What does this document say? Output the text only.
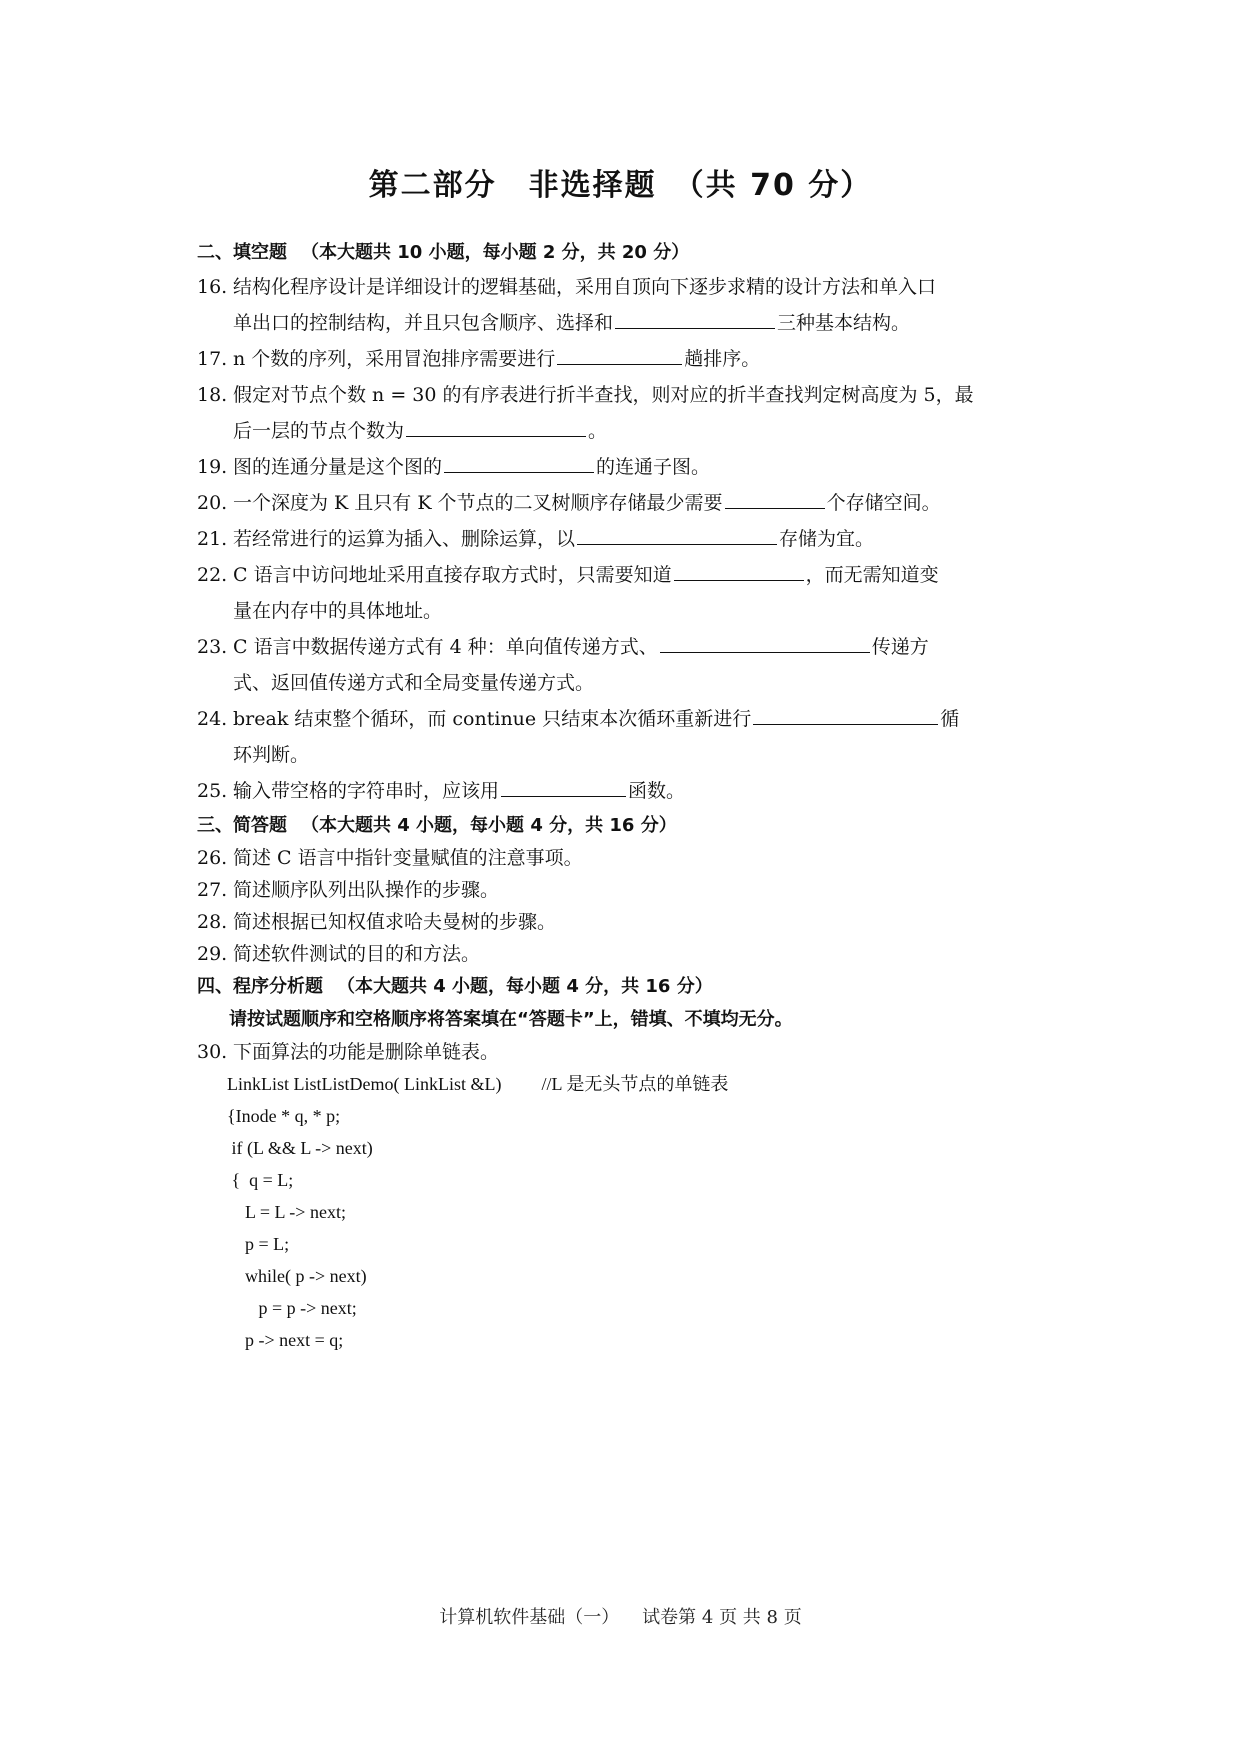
第二部分　非选择题　（共 70 分）
二、填空题 （本大题共 10 小题，每小题 2 分，共 20 分）
16. 结构化程序设计是详细设计的逻辑基础，采用自顶向下逐步求精的设计方法和单入口
单出口的控制结构，并且只包含顺序、选择和	三种基本结构。
17. n 个数的序列，采用冒泡排序需要进行	趟排序。
18. 假定对节点个数 n = 30 的有序表进行折半查找，则对应的折半查找判定树高度为 5，最
后一层的节点个数为	。
19. 图的连通分量是这个图的	的连通子图。
20. 一个深度为 K 且只有 K 个节点的二叉树顺序存储最少需要	个存储空间。
21. 若经常进行的运算为插入、删除运算，以	存储为宜。
22. C 语言中访问地址采用直接存取方式时，只需要知道	，而无需知道变
量在内存中的具体地址。
23. C 语言中数据传递方式有 4 种：单向值传递方式、	传递方
式、返回值传递方式和全局变量传递方式。
24. break 结束整个循环，而 continue 只结束本次循环重新进行	循
环判断。
25. 输入带空格的字符串时，应该用	函数。
三、简答题 （本大题共 4 小题，每小题 4 分，共 16 分）
26. 简述 C 语言中指针变量赋值的注意事项。
27. 简述顺序队列出队操作的步骤。
28. 简述根据已知权值求哈夫曼树的步骤。
29. 简述软件测试的目的和方法。
四、程序分析题 （本大题共 4 小题，每小题 4 分，共 16 分）
请按试题顺序和空格顺序将答案填在“答题卡”上，错填、不填均无分。
30. 下面算法的功能是删除单链表。
LinkList ListListDemo( LinkList &L) //L 是无头节点的单链表
{Inode * q, * p;
if (L && L -> next)
{  q = L;
L = L -> next;
p = L;
while( p -> next)
p = p -> next;
p -> next = q;
计算机软件基础（一）    试卷第 4 页 共 8 页
